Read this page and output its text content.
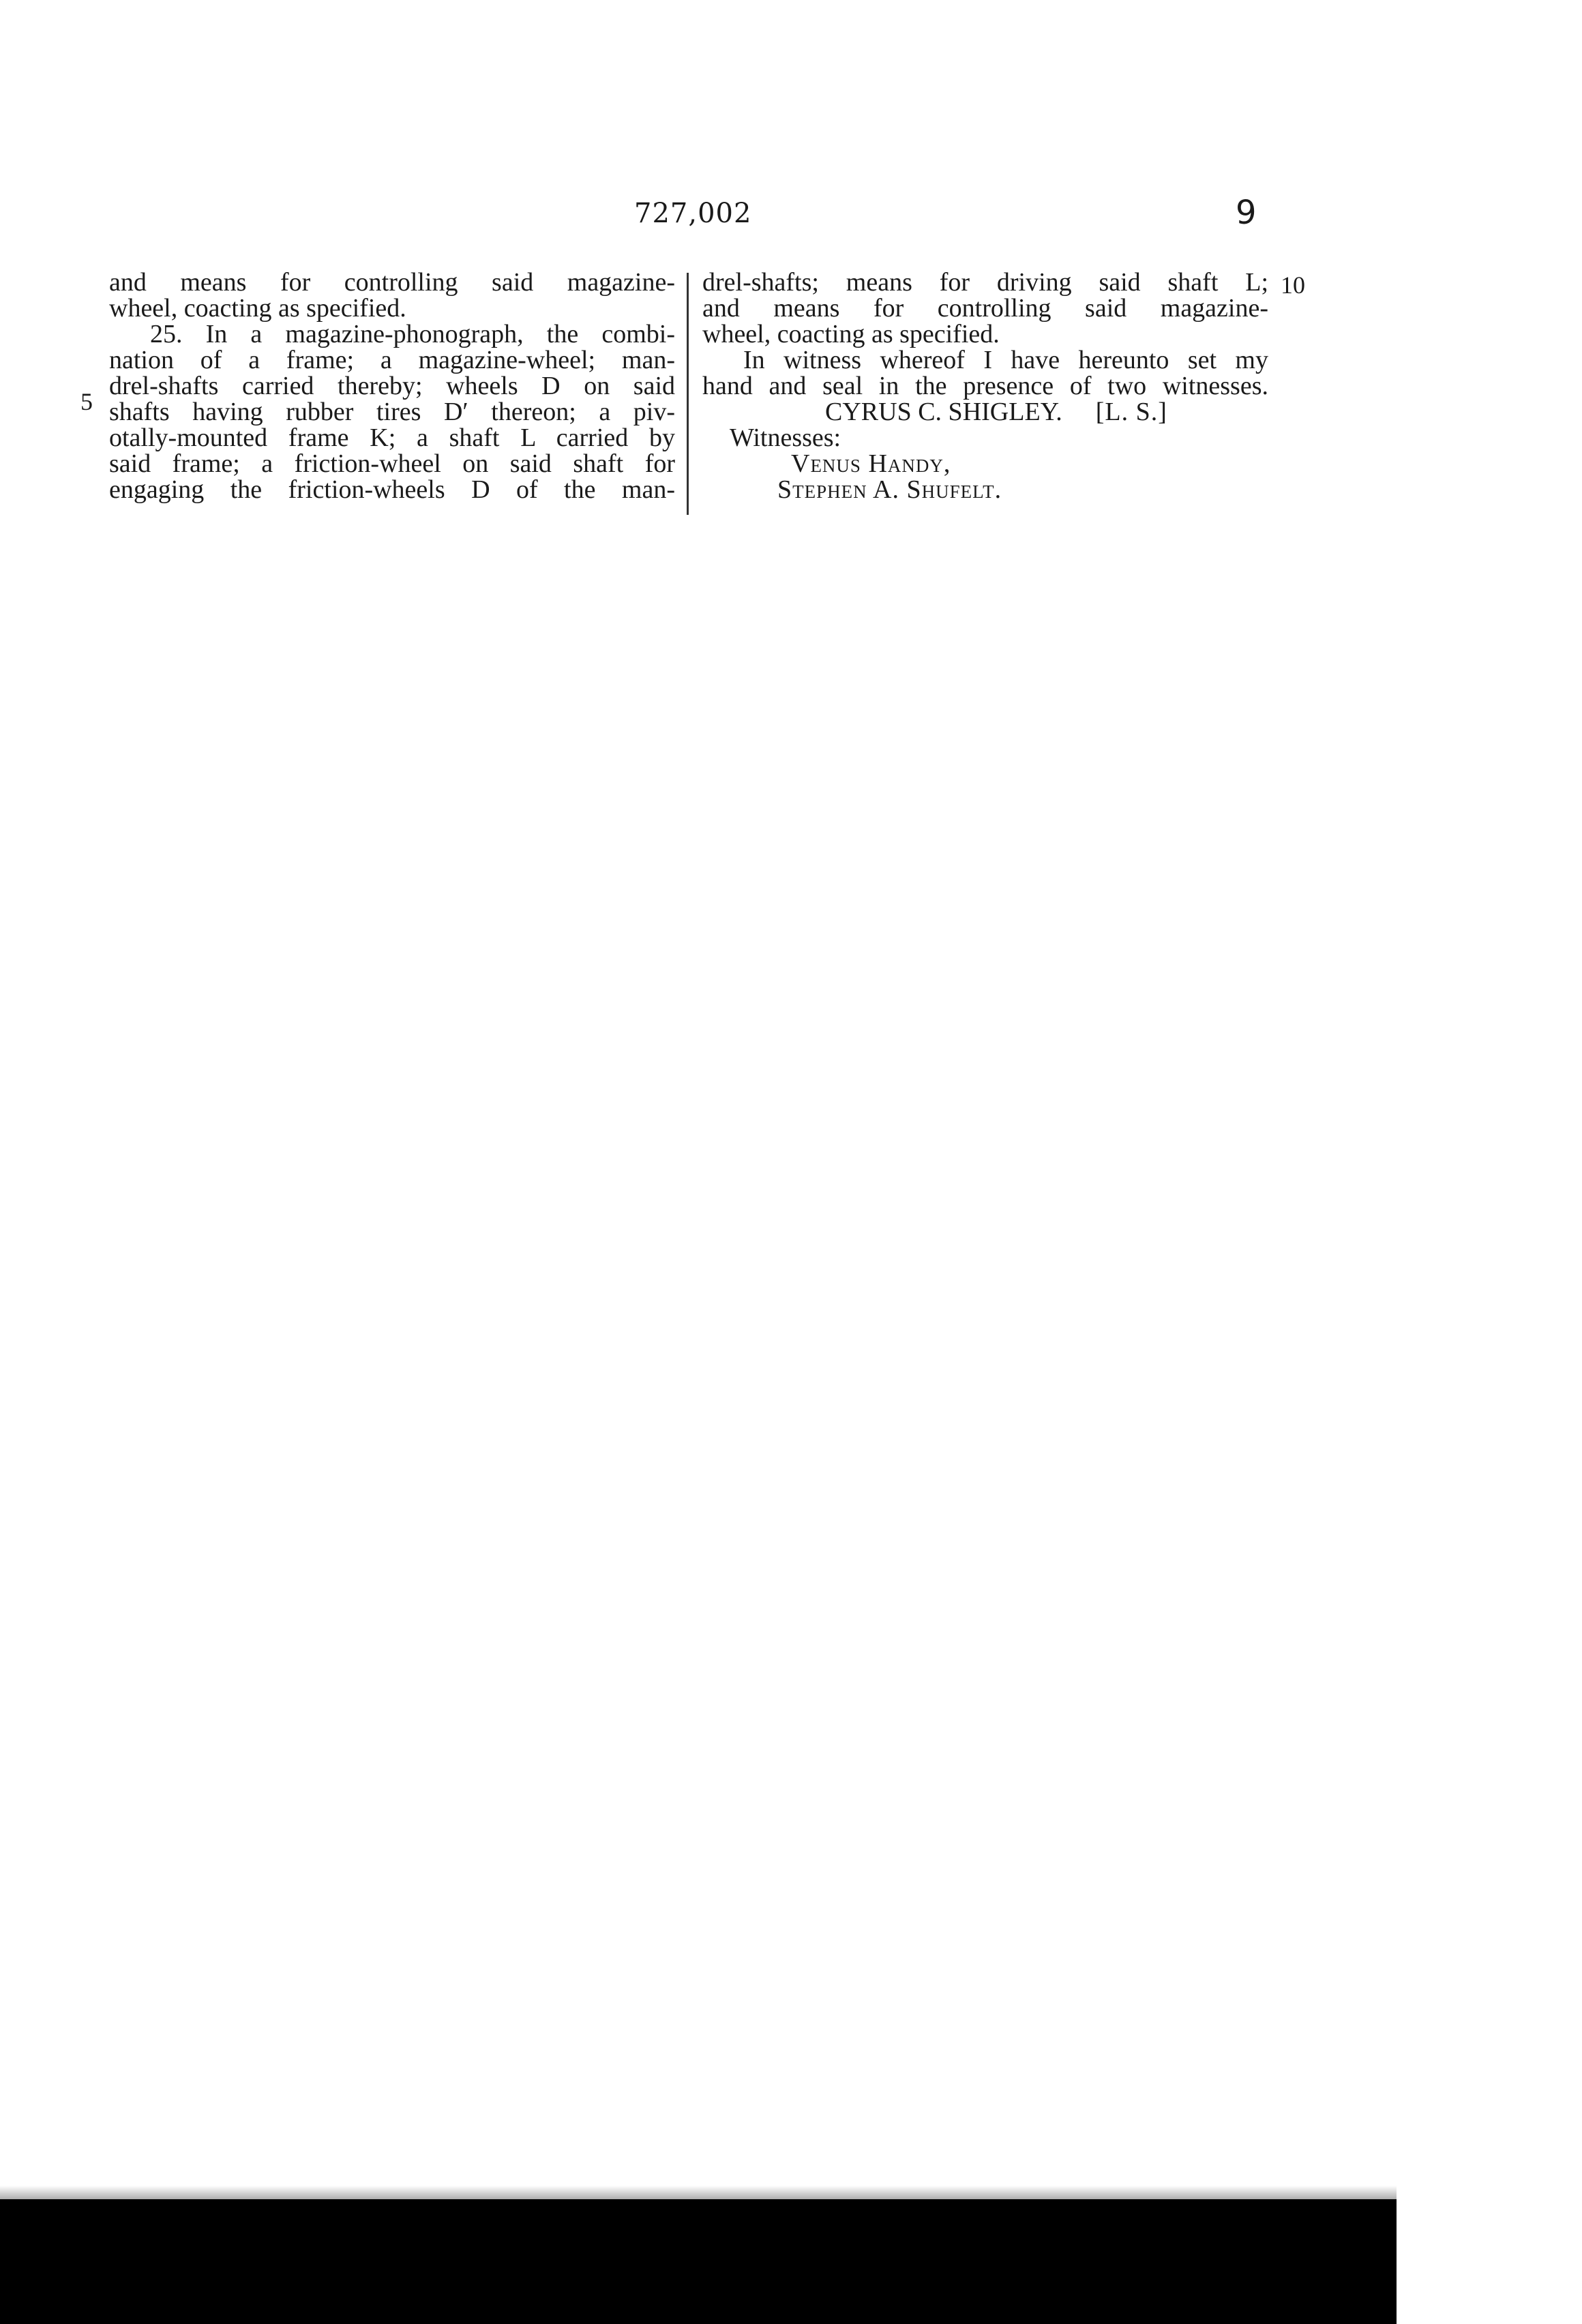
727,002	9
5
10
and means for controlling said magazine-
wheel, coacting as specified.
25. In a magazine-phonograph, the combi-
nation of a frame; a magazine-wheel; man-
drel-shafts carried thereby; wheels D on said
shafts having rubber tires D′ thereon; a piv-
otally-mounted frame K; a shaft L carried by
said frame; a friction-wheel on said shaft for
engaging the friction-wheels D of the man-
drel-shafts; means for driving said shaft L;
and means for controlling said magazine-
wheel, coacting as specified.
In witness whereof I have hereunto set my
hand and seal in the presence of two witnesses.
CYRUS C. SHIGLEY. [L. S.]
Witnesses:
Venus Handy,
Stephen A. Shufelt.
